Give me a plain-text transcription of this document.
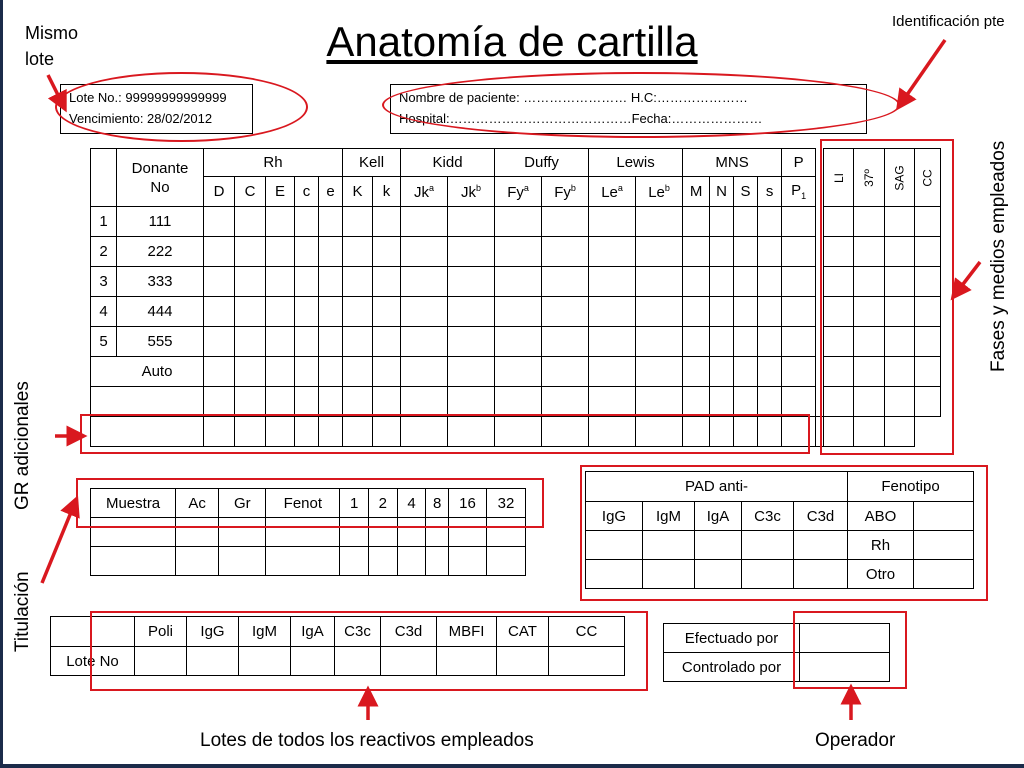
Anatomía de cartilla
Mismo
lote
Identificación pte
Fases y medios empleados
GR adicionales
Titulación
Lotes de todos los reactivos empleados	Operador
Lote No.: 99999999999999
Vencimiento: 28/02/2012
Nombre de paciente: …………………… H.C:…………………
Hospital:……………………………………Fecha:…………………
	Donante
No	Rh					Kell		Kidd		Duffy		Lewis		MNS				P		LI	37º	SAG	CC
		D	C	E	c	e	K	k	Jk$^a$	Jk$^b$	Fy$^a$	Fy$^b$	Le$^a$	Le$^b$	M	N	S	s	$P_1$
1	111																							
2	222																							
3	333																							
4	444																							
5	555																							
Auto																								

Muestra	Ac	Gr	Fenot	1	2	4	8	16	32

PAD anti-					Fenotipo	
IgG	IgM	IgA	C3c	C3d	ABO	
					Rh	
					Otro	
	Poli	IgG	IgM	IgA	C3c	C3d	MBFI	CAT	CC
Lote No									
Efectuado por	
Controlado por	
